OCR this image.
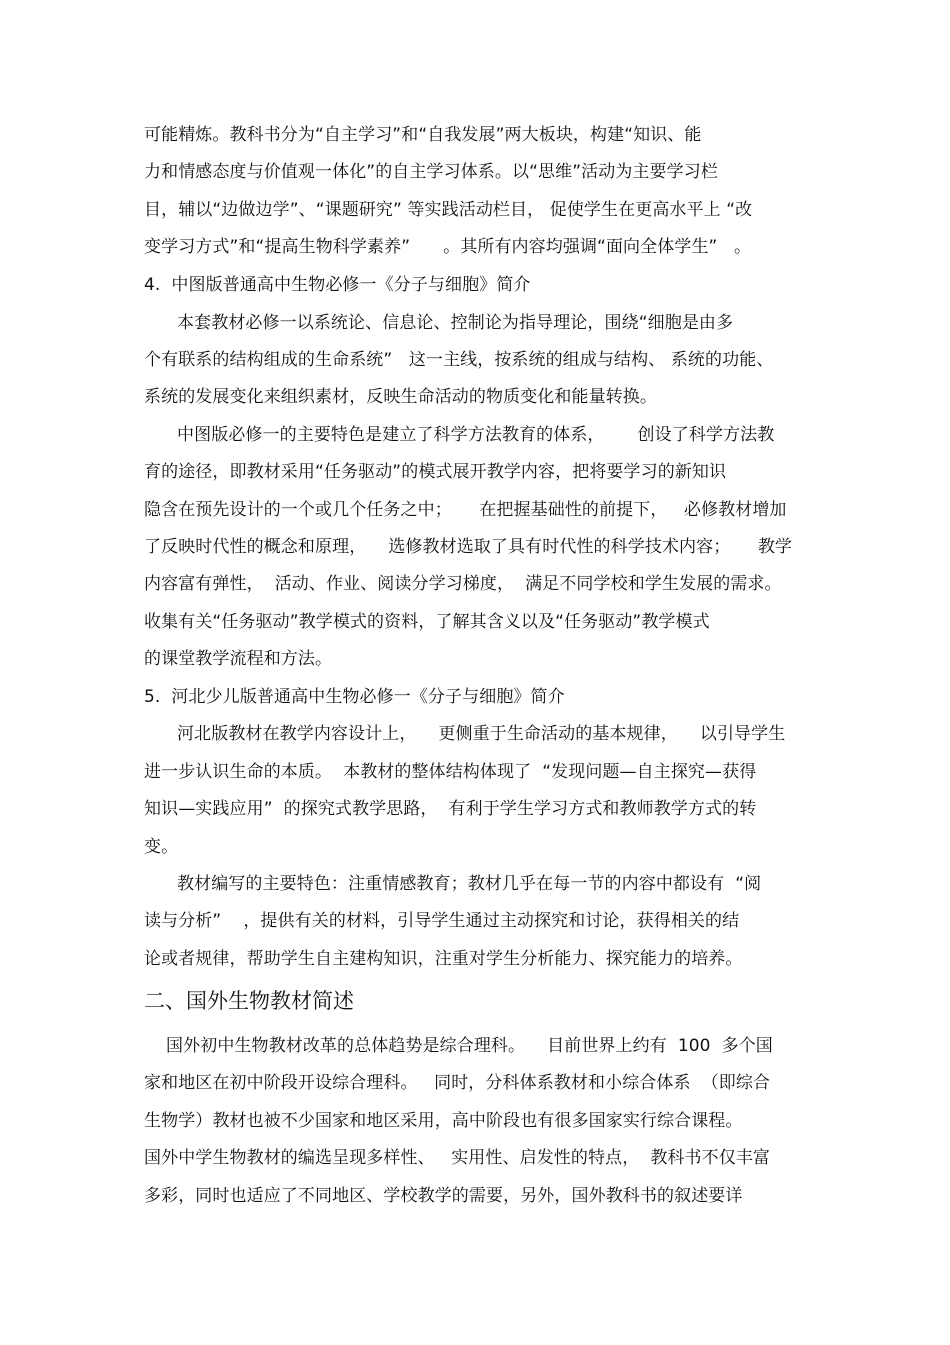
可能精炼。教科书分为“自主学习”和“自我发展”两大板块，构建“知识、能
力和情感态度与价值观一体化”的自主学习体系。以“思维”活动为主要学习栏
目，辅以“边做边学”、“课题研究” 等实践活动栏目， 促使学生在更高水平上 “改
变学习方式”和“提高生物科学素养”      。其所有内容均强调“面向全体学生”   。
4.  中图版普通高中生物必修一《分子与细胞》简介
本套教材必修一以系统论、信息论、控制论为指导理论，围绕“细胞是由多
个有联系的结构组成的生命系统”   这一主线，按系统的组成与结构、 系统的功能、
系统的发展变化来组织素材，反映生命活动的物质变化和能量转换。
中图版必修一的主要特色是建立了科学方法教育的体系，      创设了科学方法教
育的途径，即教材采用“任务驱动”的模式展开教学内容，把将要学习的新知识
隐含在预先设计的一个或几个任务之中；     在把握基础性的前提下，   必修教材增加
了反映时代性的概念和原理，    选修教材选取了具有时代性的科学技术内容；     教学
内容富有弹性，  活动、作业、阅读分学习梯度，  满足不同学校和学生发展的需求。
收集有关“任务驱动”教学模式的资料，了解其含义以及“任务驱动”教学模式
的课堂教学流程和方法。
5.  河北少儿版普通高中生物必修一《分子与细胞》简介
河北版教材在教学内容设计上，    更侧重于生命活动的基本规律，    以引导学生
进一步认识生命的本质。  本教材的整体结构体现了  “发现问题—自主探究—获得
知识—实践应用”  的探究式教学思路，  有利于学生学习方式和教师教学方式的转
变。
教材编写的主要特色：注重情感教育；教材几乎在每一节的内容中都设有  “阅
读与分析”    ，提供有关的材料，引导学生通过主动探究和讨论，获得相关的结
论或者规律，帮助学生自主建构知识，注重对学生分析能力、探究能力的培养。
二、国外生物教材简述
国外初中生物教材改革的总体趋势是综合理科。    目前世界上约有  100  多个国
家和地区在初中阶段开设综合理科。   同时，分科体系教材和小综合体系  （即综合
生物学）教材也被不少国家和地区采用，高中阶段也有很多国家实行综合课程。
国外中学生物教材的编选呈现多样性、   实用性、启发性的特点，  教科书不仅丰富
多彩，同时也适应了不同地区、学校教学的需要，另外，国外教科书的叙述要详
